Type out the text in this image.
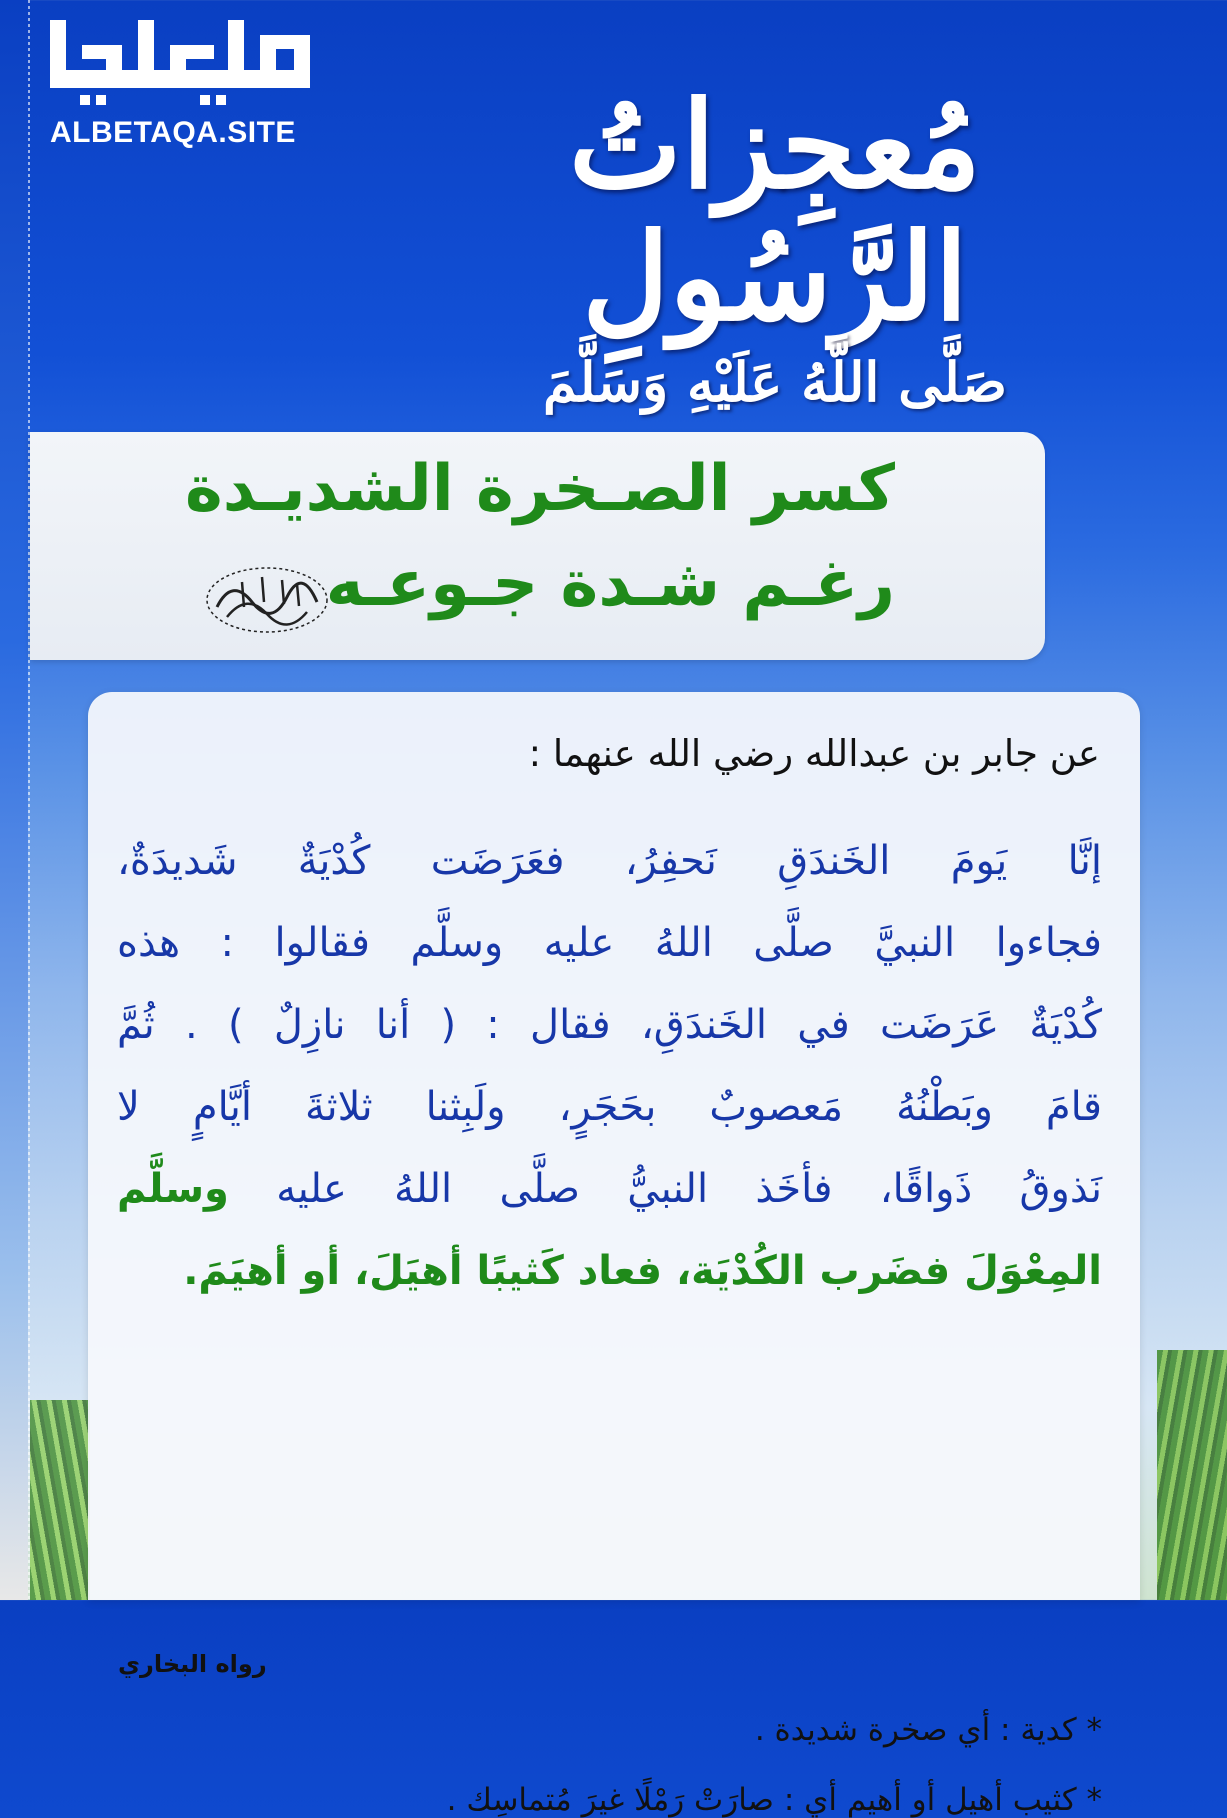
ALBETAQA.SITE	مُعجِزاتُ الرَّسُولِ
صَلَّى اللَّهُ عَلَيْهِ وَسَلَّمَ
كسر الصـخرة الشديـدة
رغـم شـدة جـوعـه
عن جابر بن عبدالله رضي الله عنهما :
إنَّا يَومَ الخَندَقِ نَحفِرُ، فعَرَضَت كُدْيَةٌ شَديدَةٌ،
فجاءوا النبيَّ صلَّى اللهُ عليه وسلَّم فقالوا : هذه
كُدْيَةٌ عَرَضَت في الخَندَقِ، فقال : ( أنا نازِلٌ ) . ثُمَّ
قامَ وبَطْنُهُ مَعصوبٌ بحَجَرٍ، ولَبِثنا ثلاثةَ أيَّامٍ لا
نَذوقُ ذَواقًا، فأخَذ النبيُّ صلَّى اللهُ عليه وسلَّم
المِعْوَلَ فضَرب الكُدْيَة، فعاد كَثيبًا أهيَلَ، أو أهيَمَ.
رواه البخاري
* كدية : أي صخرة شديدة .
* كثيب أهيل أو أهيم أي : صارَتْ رَمْلًا غيرَ مُتماسِك .
